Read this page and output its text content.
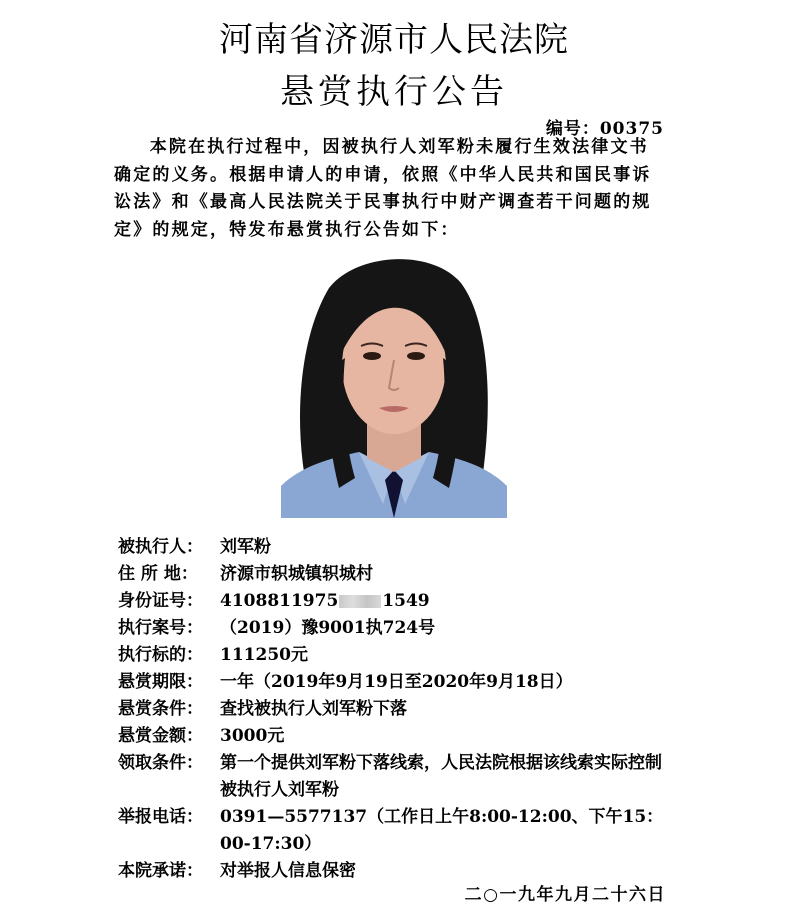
河南省济源市人民法院
悬赏执行公告
编号：00375
本院在执行过程中，因被执行人刘军粉未履行生效法律文书确定的义务。根据申请人的申请，依照《中华人民共和国民事诉讼法》和《最高人民法院关于民事执行中财产调查若干问题的规定》的规定，特发布悬赏执行公告如下：
被执行人：	刘军粉
住 所 地：	济源市轵城镇轵城村
身份证号：	4108811975	1549
执行案号：	（2019）豫9001执724号
执行标的：	111250元
悬赏期限：	一年（2019年9月19日至2020年9月18日）
悬赏条件：	查找被执行人刘军粉下落
悬赏金额：	3000元
领取条件：	第一个提供刘军粉下落线索，人民法院根据该线索实际控制被执行人刘军粉
举报电话：	0391—5577137（工作日上午8:00-12:00、下午15：00-17:30）
本院承诺：	对举报人信息保密
二○一九年九月二十六日
